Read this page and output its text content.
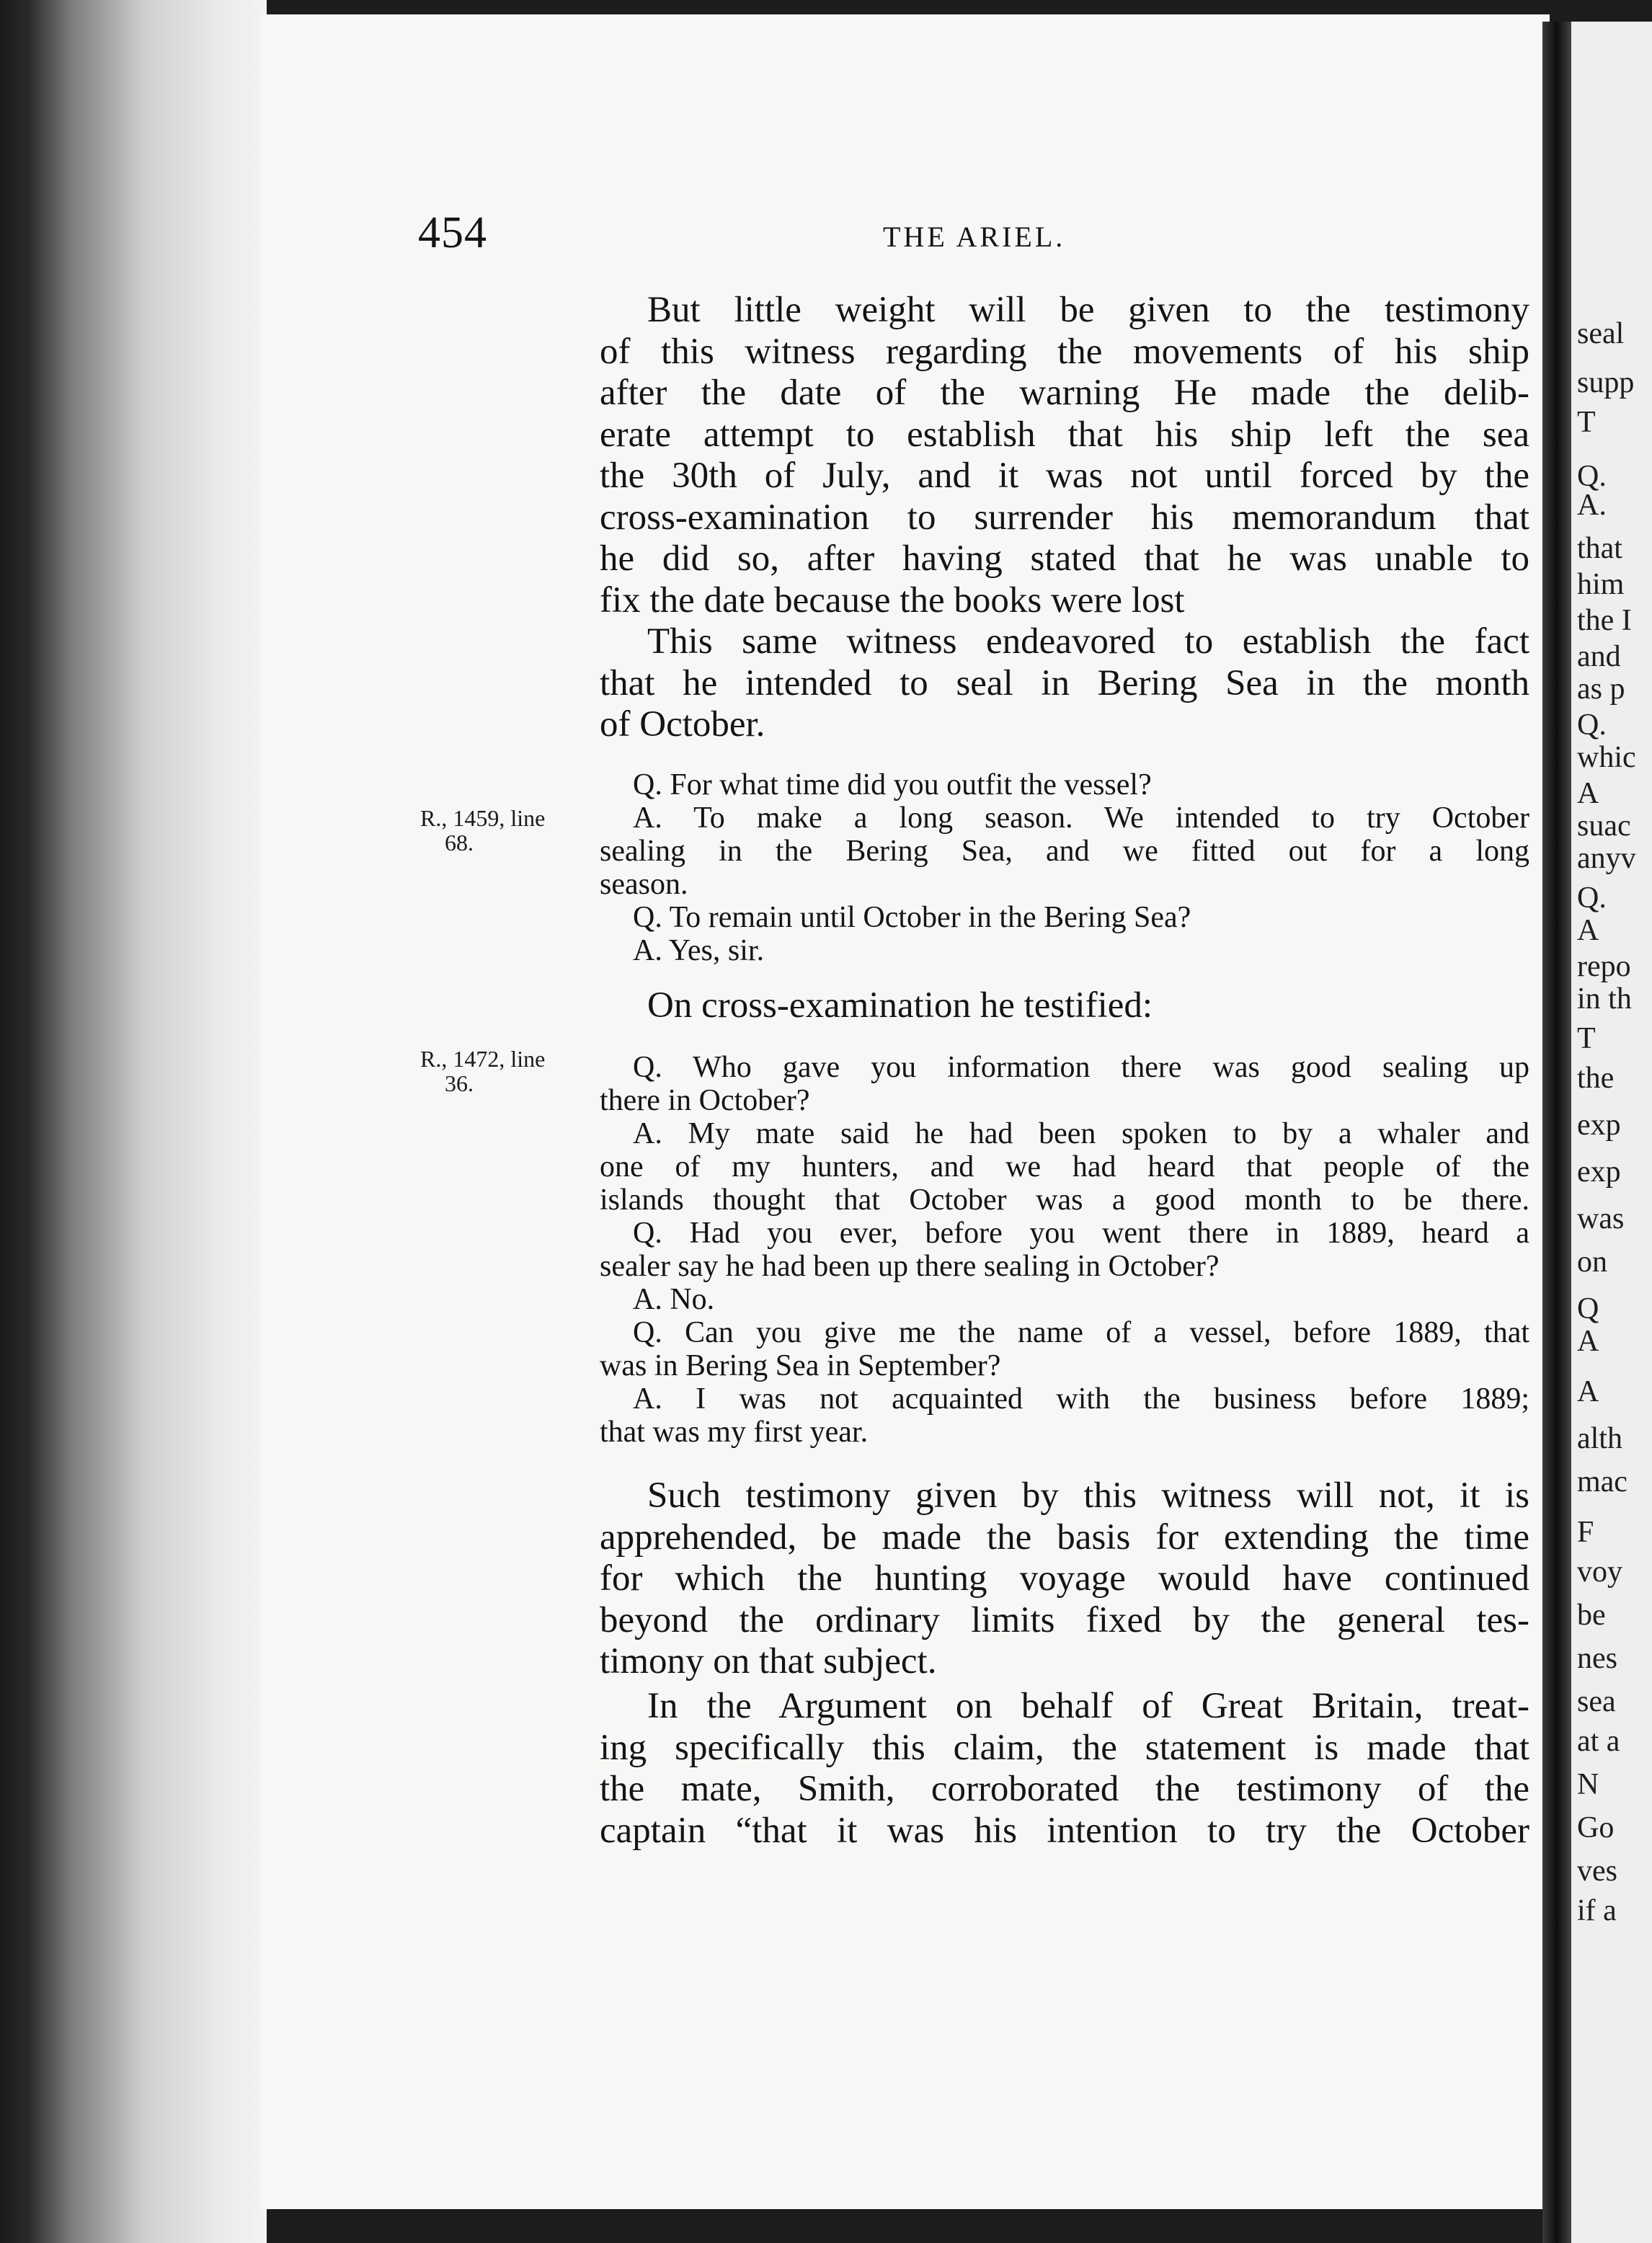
seal
supp
T
Q.
A.
that
him
the I
and
as p
Q.
whic
A
suac
anyv
Q.
A
repo
in th
T
the
exp
exp
was
on
Q
A
A
alth
mac
F
voy
be
nes
sea
at a
N
Go
ves
if a
454	THE ARIEL.
But little weight will be given to the testimony
of this witness regarding the movements of his ship
after the date of the warning He made the delib-
erate attempt to establish that his ship left the sea
the 30th of July, and it was not until forced by the
cross-examination to surrender his memorandum that
he did so, after having stated that he was unable to
fix the date because the books were lost
This same witness endeavored to establish the fact
that he intended to seal in Bering Sea in the month
of October.
R., 1459, line
68.
Q. For what time did you outfit the vessel?
A. To make a long season. We intended to try October
sealing in the Bering Sea, and we fitted out for a long
season.
Q. To remain until October in the Bering Sea?
A. Yes, sir.
On cross-examination he testified:
R., 1472, line
36.	Q. Who gave you information there was good sealing up
there in October?
A. My mate said he had been spoken to by a whaler and
one of my hunters, and we had heard that people of the
islands thought that October was a good month to be there.
Q. Had you ever, before you went there in 1889, heard a
sealer say he had been up there sealing in October?
A. No.
Q. Can you give me the name of a vessel, before 1889, that
was in Bering Sea in September?
A. I was not acquainted with the business before 1889;
that was my first year.
Such testimony given by this witness will not, it is
apprehended, be made the basis for extending the time
for which the hunting voyage would have continued
beyond the ordinary limits fixed by the general tes-
timony on that subject.
In the Argument on behalf of Great Britain, treat-
ing specifically this claim, the statement is made that
the mate, Smith, corroborated the testimony of the
captain “that it was his intention to try the October
